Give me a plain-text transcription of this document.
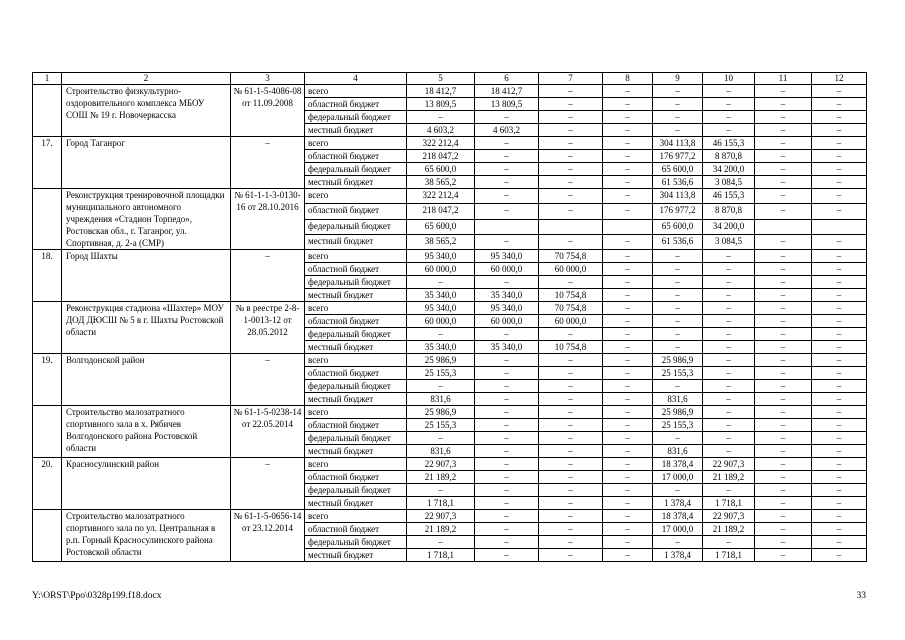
1	2	3	4	5	6	7	8	9	10	11	12
	Строительство физкультурно-оздоровительного комплекса МБОУ СОШ № 19 г. Новочеркасска	№ 61-1-5-4086-08 от 11.09.2008	всего	18 412,7	18 412,7	–	–	–	–	–	–
			областной бюджет	13 809,5	13 809,5	–	–	–	–	–	–
			федеральный бюджет	–	–	–	–	–	–	–	–
			местный бюджет	4 603,2	4 603,2	–	–	–	–	–	–
17.	Город Таганрог	–	всего	322 212,4	–	–	–	304 113,8	46 155,3	–	–
			областной бюджет	218 047,2	–	–	–	176 977,2	8 870,8	–	–
			федеральный бюджет	65 600,0	–	–	–	65 600,0	34 200,0	–	–
			местный бюджет	38 565,2	–	–	–	61 536,6	3 084,5	–	–
	Реконструкция тренировочной площадки муниципального автономного учреждения «Стадион Торпедо», Ростовская обл., г. Таганрог, ул. Спортивная, д. 2-а (СМР)	№ 61-1-1-3-0130-16 от 28.10.2016	всего	322 212,4	–	–	–	304 113,8	46 155,3	–	–
			областной бюджет	218 047,2	–	–	–	176 977,2	8 870,8	–	–
			федеральный бюджет	65 600,0				65 600,0	34 200,0		
			местный бюджет	38 565,2	–	–	–	61 536,6	3 084,5	–	–
18.	Город Шахты	–	всего	95 340,0	95 340,0	70 754,8	–	–	–	–	–
			областной бюджет	60 000,0	60 000,0	60 000,0	–	–	–	–	–
			федеральный бюджет	–	–	–	–	–	–	–	–
			местный бюджет	35 340,0	35 340,0	10 754,8	–	–	–	–	–
	Реконструкция стадиона «Шахтер» МОУ ДОД ДЮСШ № 5 в г. Шахты Ростовской области	№ в реестре 2-8-1-0013-12 от 28.05.2012	всего	95 340,0	95 340,0	70 754,8	–	–	–	–	–
			областной бюджет	60 000,0	60 000,0	60 000,0	–	–	–	–	–
			федеральный бюджет	–	–	–	–	–	–	–	–
			местный бюджет	35 340,0	35 340,0	10 754,8	–	–	–	–	–
19.	Волгодонской район	–	всего	25 986,9	–	–	–	25 986,9	–	–	–
			областной бюджет	25 155,3	–	–	–	25 155,3	–	–	–
			федеральный бюджет	–	–	–	–	–	–	–	–
			местный бюджет	831,6	–	–	–	831,6	–	–	–
	Строительство малозатратного спортивного зала в х. Рябичев Волгодонского района Ростовской области	№ 61-1-5-0238-14 от 22.05.2014	всего	25 986,9	–	–	–	25 986,9	–	–	–
			областной бюджет	25 155,3	–	–	–	25 155,3	–	–	–
			федеральный бюджет	–	–	–	–	–	–	–	–
			местный бюджет	831,6	–	–	–	831,6	–	–	–
20.	Красносулинский район	–	всего	22 907,3	–	–	–	18 378,4	22 907,3	–	–
			областной бюджет	21 189,2	–	–	–	17 000,0	21 189,2	–	–
			федеральный бюджет	–	–	–	–	–	–	–	–
			местный бюджет	1 718,1	–	–	–	1 378,4	1 718,1	–	–
	Строительство малозатратного спортивного зала по ул. Центральная в р.п. Горный Красносулинского района Ростовской области	№ 61-1-5-0656-14 от 23.12.2014	всего	22 907,3	–	–	–	18 378,4	22 907,3	–	–
			областной бюджет	21 189,2	–	–	–	17 000,0	21 189,2	–	–
			федеральный бюджет	–	–	–	–	–	–	–	–
			местный бюджет	1 718,1	–	–	–	1 378,4	1 718,1	–	–
Y:\ORST\Ppo\0328p199.f18.docx	33
